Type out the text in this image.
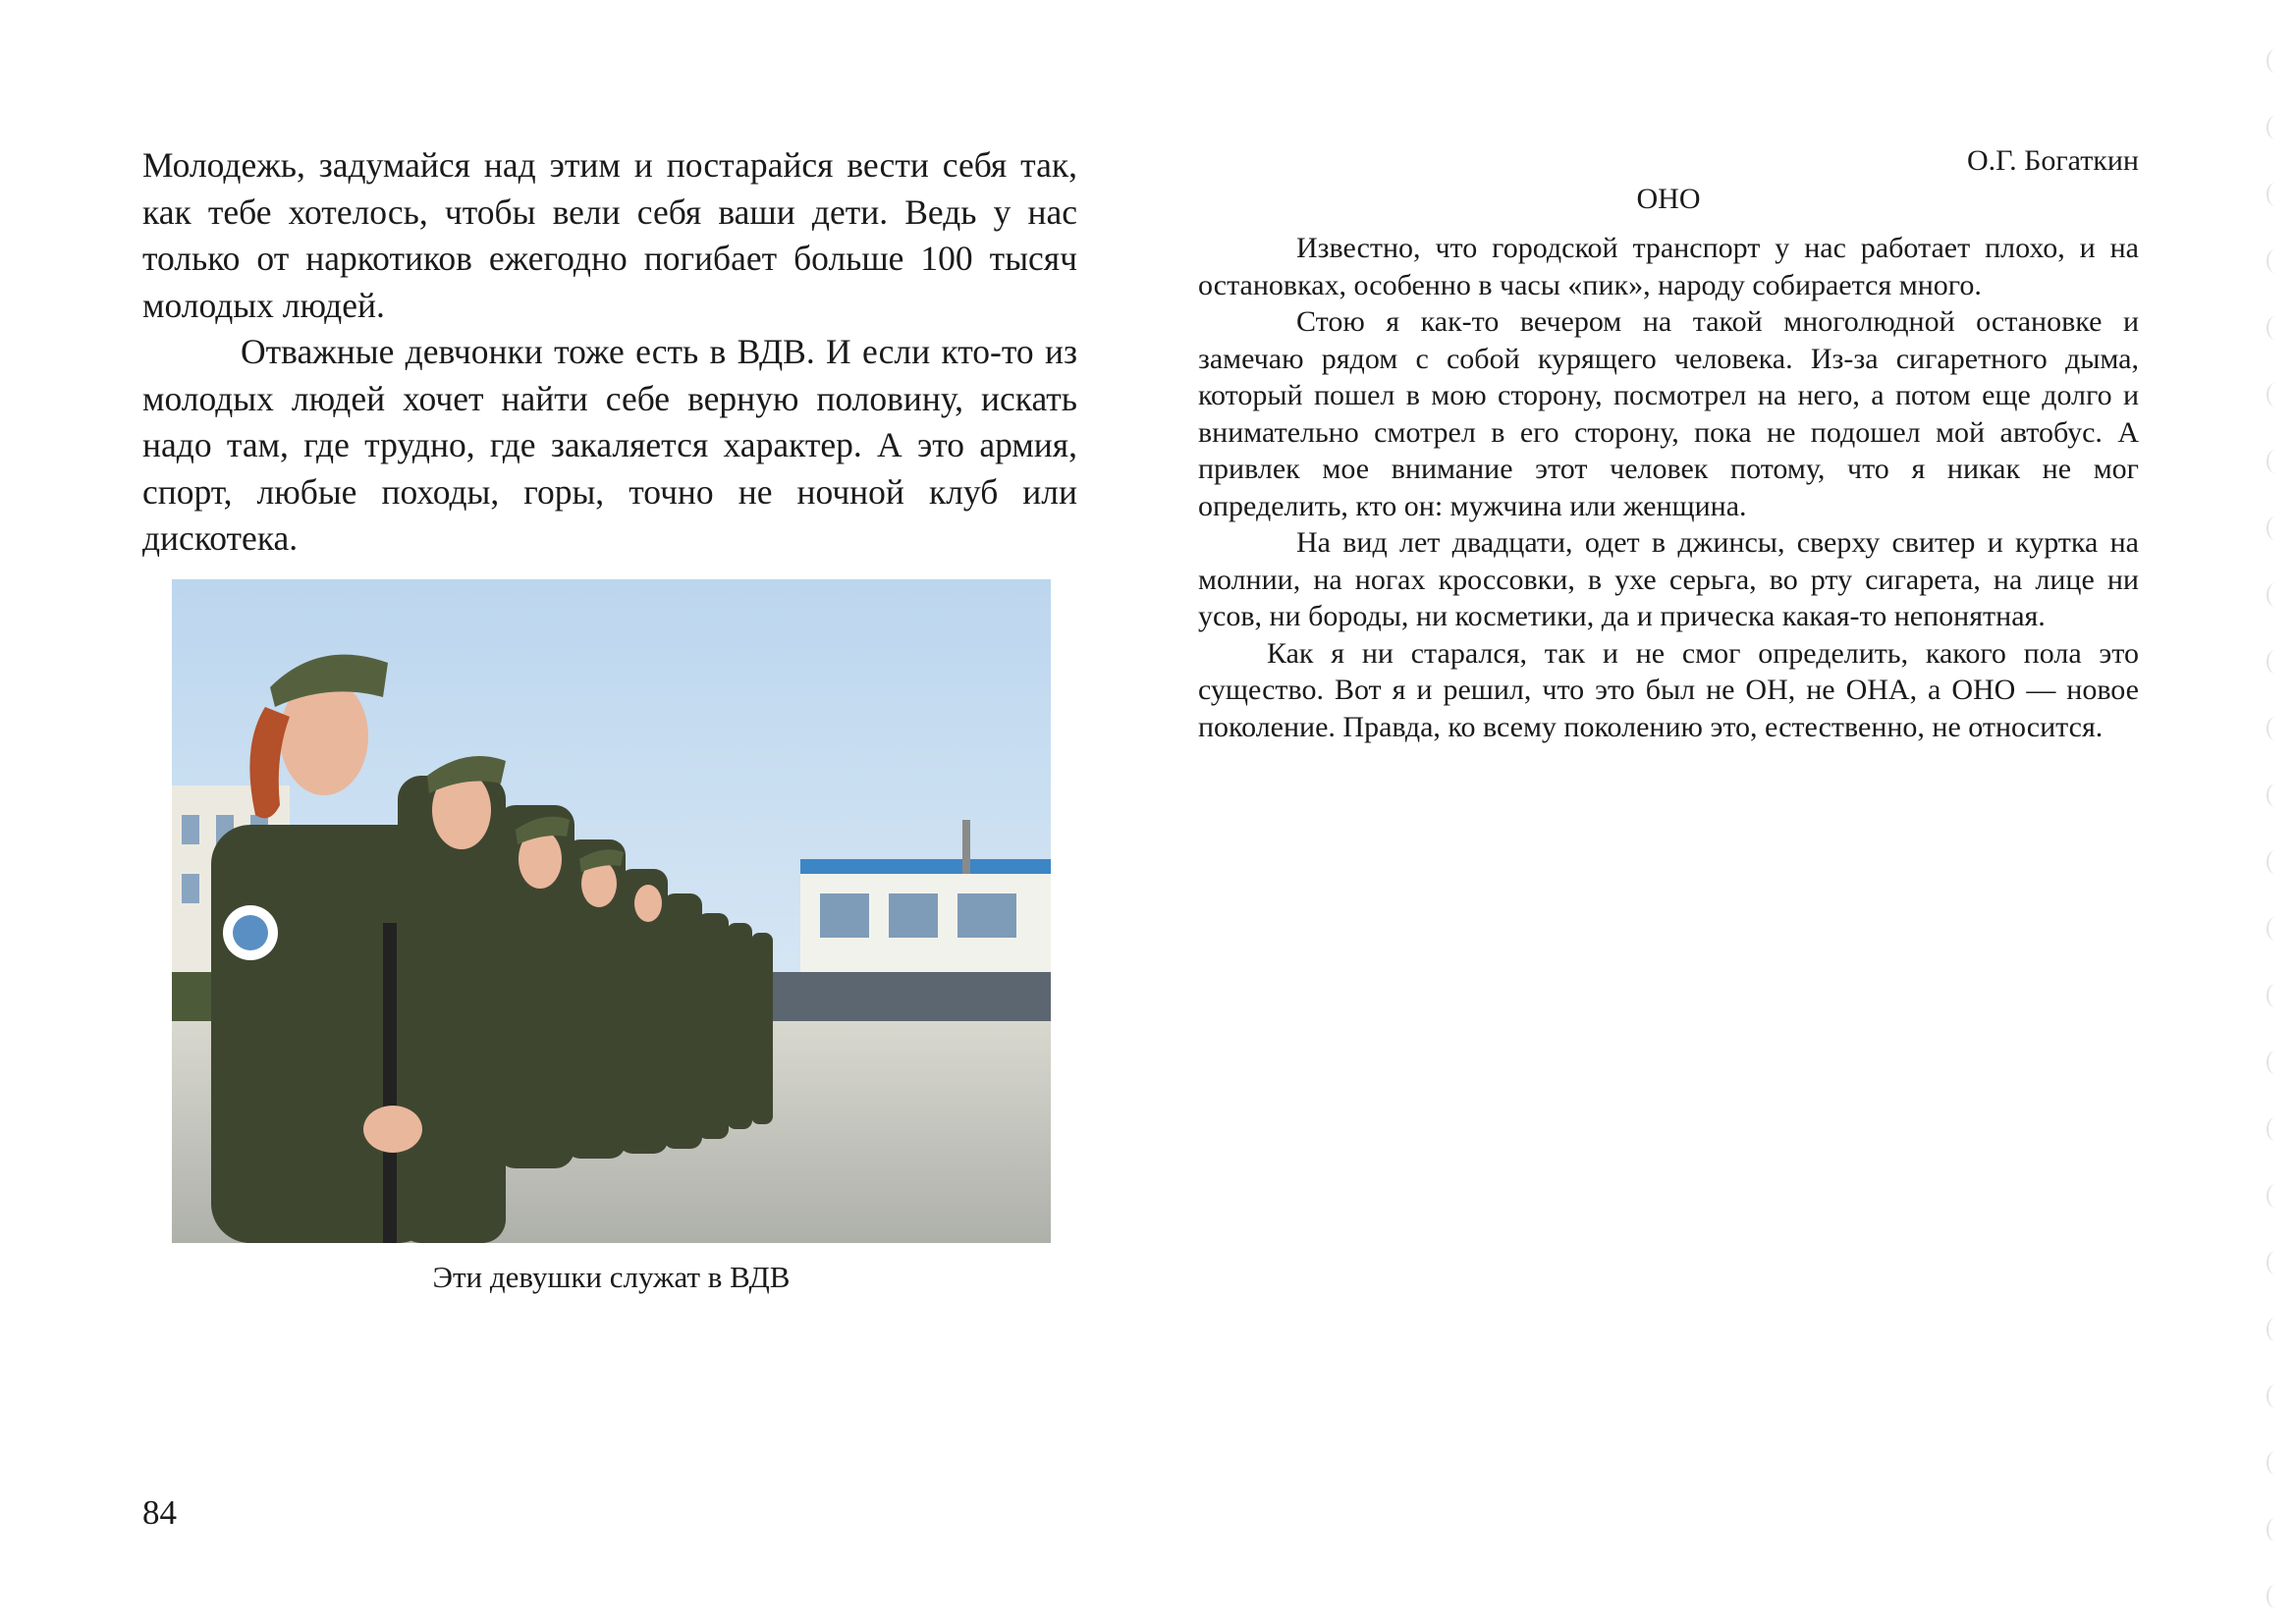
Молодежь, задумайся над этим и постарайся вести себя так, как тебе хотелось, чтобы вели себя ваши дети. Ведь у нас только от наркотиков ежегодно погибает больше 100 тысяч молодых людей.

Отважные девчонки тоже есть в ВДВ. И если кто-то из молодых людей хочет найти себе верную половину, искать надо там, где трудно, где закаляется характер. А это армия, спорт, любые походы, горы, точно не ночной клуб или дискотека.

Эти девушки служат в ВДВ
84

О.Г. Богаткин

ОНО

Известно, что городской транспорт у нас работает плохо, и на остановках, особенно в часы «пик», народу собирается много.

Стою я как-то вечером на такой многолюдной остановке и замечаю рядом с собой курящего человека. Из-за сигаретного дыма, который пошел в мою сторону, посмотрел на него, а потом еще долго и внимательно смотрел в его сторону, пока не подошел мой автобус. А привлек мое внимание этот человек потому, что я никак не мог определить, кто он: мужчина или женщина.

На вид лет двадцати, одет в джинсы, сверху свитер и куртка на молнии, на ногах кроссовки, в ухе серьга, во рту сигарета, на лице ни усов, ни бороды, ни косметики, да и прическа какая-то непонятная.

Как я ни старался, так и не смог определить, какого пола это существо. Вот я и решил, что это был не ОН, не ОНА, а ОНО — новое поколение. Правда, ко всему поколению это, естественно, не относится.
